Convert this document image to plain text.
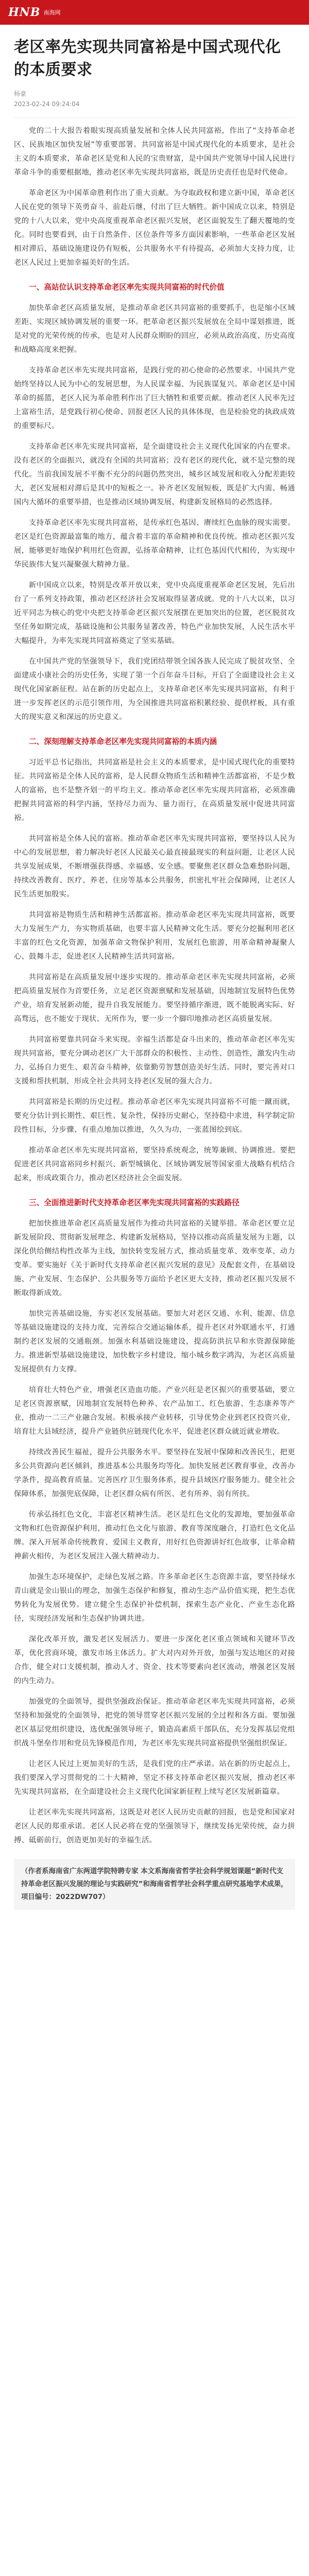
HNB 南海网
老区率先实现共同富裕是中国式现代化的本质要求
杨豪
2023-02-24 09:24:04

党的二十大报告着眼实现高质量发展和全体人民共同富裕，作出了“支持革命老区、民族地区加快发展”等重要部署。共同富裕是中国式现代化的本质要求，是社会主义的本质要求，革命老区是党和人民的宝贵财富，是中国共产党领导中国人民进行革命斗争的重要根据地，推动老区率先实现共同富裕，既是历史责任也是时代使命。

革命老区为中国革命胜利作出了重大贡献。为夺取政权和建立新中国，革命老区人民在党的领导下英勇奋斗、前赴后继，付出了巨大牺牲。新中国成立以来，特别是党的十八大以来，党中央高度重视革命老区振兴发展，老区面貌发生了翻天覆地的变化。同时也要看到，由于自然条件、区位条件等多方面因素影响，一些革命老区发展相对滞后，基础设施建设仍有短板，公共服务水平有待提高，必须加大支持力度，让老区人民过上更加幸福美好的生活。

一、高站位认识支持革命老区率先实现共同富裕的时代价值

加快革命老区高质量发展，是推动革命老区共同富裕的重要抓手，也是缩小区域差距、实现区域协调发展的重要一环。把革命老区振兴发展放在全局中谋划推进，既是对党的光荣传统的传承，也是对人民群众期盼的回应，必须从政治高度、历史高度和战略高度来把握。

支持革命老区率先实现共同富裕，是践行党的初心使命的必然要求。中国共产党始终坚持以人民为中心的发展思想，为人民谋幸福、为民族谋复兴。革命老区是中国革命的摇篮，老区人民为革命胜利作出了巨大牺牲和重要贡献。推动老区人民率先过上富裕生活，是党践行初心使命、回报老区人民的具体体现，也是检验党的执政成效的重要标尺。

支持革命老区率先实现共同富裕，是全面建设社会主义现代化国家的内在要求。没有老区的全面振兴，就没有全国的共同富裕；没有老区的现代化，就不是完整的现代化。当前我国发展不平衡不充分的问题仍然突出，城乡区域发展和收入分配差距较大，老区发展相对滞后是其中的短板之一。补齐老区发展短板，既是扩大内需、畅通国内大循环的重要举措，也是推动区域协调发展、构建新发展格局的必然选择。

支持革命老区率先实现共同富裕，是传承红色基因、赓续红色血脉的现实需要。老区是红色资源最富集的地方，蕴含着丰富的革命精神和优良传统。推动老区振兴发展，能够更好地保护利用红色资源，弘扬革命精神，让红色基因代代相传，为实现中华民族伟大复兴凝聚强大精神力量。

新中国成立以来，特别是改革开放以来，党中央高度重视革命老区发展，先后出台了一系列支持政策，推动老区经济社会发展取得显著成就。党的十八大以来，以习近平同志为核心的党中央把支持革命老区振兴发展摆在更加突出的位置，老区脱贫攻坚任务如期完成，基础设施和公共服务显著改善，特色产业加快发展，人民生活水平大幅提升，为率先实现共同富裕奠定了坚实基础。

在中国共产党的坚强领导下，我们党团结带领全国各族人民完成了脱贫攻坚、全面建成小康社会的历史任务，实现了第一个百年奋斗目标，开启了全面建设社会主义现代化国家新征程。站在新的历史起点上，支持革命老区率先实现共同富裕，有利于进一步发挥老区的示范引领作用，为全国推进共同富裕积累经验、提供样板，具有重大的现实意义和深远的历史意义。

二、深刻理解支持革命老区率先实现共同富裕的本质内涵

习近平总书记指出，共同富裕是社会主义的本质要求，是中国式现代化的重要特征。共同富裕是全体人民的富裕，是人民群众物质生活和精神生活都富裕，不是少数人的富裕，也不是整齐划一的平均主义。推动革命老区率先实现共同富裕，必须准确把握共同富裕的科学内涵，坚持尽力而为、量力而行，在高质量发展中促进共同富裕。

共同富裕是全体人民的富裕。推动革命老区率先实现共同富裕，要坚持以人民为中心的发展思想，着力解决好老区人民最关心最直接最现实的利益问题，让老区人民共享发展成果，不断增强获得感、幸福感、安全感。要聚焦老区群众急难愁盼问题，持续改善教育、医疗、养老、住房等基本公共服务，织密扎牢社会保障网，让老区人民生活更加殷实。

共同富裕是物质生活和精神生活都富裕。推动革命老区率先实现共同富裕，既要大力发展生产力，夯实物质基础，也要丰富人民精神文化生活。要充分挖掘利用老区丰富的红色文化资源，加强革命文物保护利用，发展红色旅游，用革命精神凝聚人心、鼓舞斗志，促进老区人民精神生活共同富裕。

共同富裕是在高质量发展中逐步实现的。推动革命老区率先实现共同富裕，必须把高质量发展作为首要任务，立足老区资源禀赋和发展基础，因地制宜发展特色优势产业，培育发展新动能，提升自我发展能力。要坚持循序渐进，既不能脱离实际、好高骛远，也不能安于现状、无所作为，要一步一个脚印地推动老区高质量发展。

共同富裕要靠共同奋斗来实现。幸福生活都是奋斗出来的，推动革命老区率先实现共同富裕，要充分调动老区广大干部群众的积极性、主动性、创造性，激发内生动力，弘扬自力更生、艰苦奋斗精神，依靠勤劳智慧创造美好生活。同时，要完善对口支援和帮扶机制，形成全社会共同支持老区发展的强大合力。

共同富裕是长期的历史过程。推动革命老区率先实现共同富裕不可能一蹴而就，要充分估计到长期性、艰巨性、复杂性，保持历史耐心，坚持稳中求进，科学制定阶段性目标，分步骤、有重点地加以推进，久久为功，一张蓝图绘到底。

推动革命老区率先实现共同富裕，要坚持系统观念，统筹兼顾、协调推进。要把促进老区共同富裕同乡村振兴、新型城镇化、区域协调发展等国家重大战略有机结合起来，形成政策合力，推动老区经济社会全面发展。

三、全面推进新时代支持革命老区率先实现共同富裕的实践路径

把加快推进革命老区高质量发展作为推动共同富裕的关键举措。革命老区要立足新发展阶段、贯彻新发展理念、构建新发展格局，坚持以推动高质量发展为主题，以深化供给侧结构性改革为主线，加快转变发展方式，推动质量变革、效率变革、动力变革。要实施好《关于新时代支持革命老区振兴发展的意见》及配套文件，在基础设施、产业发展、生态保护、公共服务等方面给予老区更大支持，推动老区振兴发展不断取得新成效。

加快完善基础设施，夯实老区发展基础。要加大对老区交通、水利、能源、信息等基础设施建设的支持力度，完善综合交通运输体系，提升老区对外联通水平，打通制约老区发展的交通瓶颈。加强水利基础设施建设，提高防洪抗旱和水资源保障能力。推进新型基础设施建设，加快数字乡村建设，缩小城乡数字鸿沟，为老区高质量发展提供有力支撑。

培育壮大特色产业，增强老区造血功能。产业兴旺是老区振兴的重要基础，要立足老区资源禀赋，因地制宜发展特色种养、农产品加工、红色旅游、生态康养等产业，推动一二三产业融合发展。积极承接产业转移，引导优势企业到老区投资兴业，培育壮大县域经济，提升产业链供应链现代化水平，促进老区群众就近就业增收。

持续改善民生福祉，提升公共服务水平。要坚持在发展中保障和改善民生，把更多公共资源向老区倾斜，推进基本公共服务均等化。加快发展老区教育事业，改善办学条件，提高教育质量。完善医疗卫生服务体系，提升县域医疗服务能力。健全社会保障体系，加强兜底保障，让老区群众病有所医、老有所养、弱有所扶。

传承弘扬红色文化，丰富老区精神生活。老区是红色文化的发源地，要加强革命文物和红色资源保护利用，推动红色文化与旅游、教育等深度融合，打造红色文化品牌。深入开展革命传统教育、爱国主义教育，用好红色资源讲好红色故事，让革命精神薪火相传，为老区发展注入强大精神动力。

加强生态环境保护，走绿色发展之路。许多革命老区生态资源丰富，要坚持绿水青山就是金山银山的理念，加强生态保护和修复，推动生态产品价值实现，把生态优势转化为发展优势。建立健全生态保护补偿机制，探索生态产业化、产业生态化路径，实现经济发展和生态保护协调共进。

深化改革开放，激发老区发展活力。要进一步深化老区重点领域和关键环节改革，优化营商环境，激发市场主体活力。扩大对内对外开放，加强与发达地区的对接合作，健全对口支援机制，推动人才、资金、技术等要素向老区流动，增强老区发展的内生动力。

加强党的全面领导，提供坚强政治保证。推动革命老区率先实现共同富裕，必须坚持和加强党的全面领导，把党的领导贯穿老区振兴发展的全过程和各方面。要加强老区基层党组织建设，选优配强领导班子，锻造高素质干部队伍，充分发挥基层党组织战斗堡垒作用和党员先锋模范作用，为老区率先实现共同富裕提供坚强组织保证。

让老区人民过上更加美好的生活，是我们党的庄严承诺。站在新的历史起点上，我们要深入学习贯彻党的二十大精神，坚定不移支持革命老区振兴发展，推动老区率先实现共同富裕，在全面建设社会主义现代化国家新征程上续写老区发展新篇章。

让老区率先实现共同富裕，这既是对老区人民历史贡献的回报，也是党和国家对老区人民的郑重承诺。老区人民必将在党的坚强领导下，继续发扬光荣传统，奋力拼搏、砥砺前行，创造更加美好的幸福生活。

（作者系海南省广东两道学院特聘专家 本文系海南省哲学社会科学规划课题“新时代支持革命老区振兴发展的理论与实践研究”和海南省哲学社会科学重点研究基地学术成果，项目编号：2022DW707）
